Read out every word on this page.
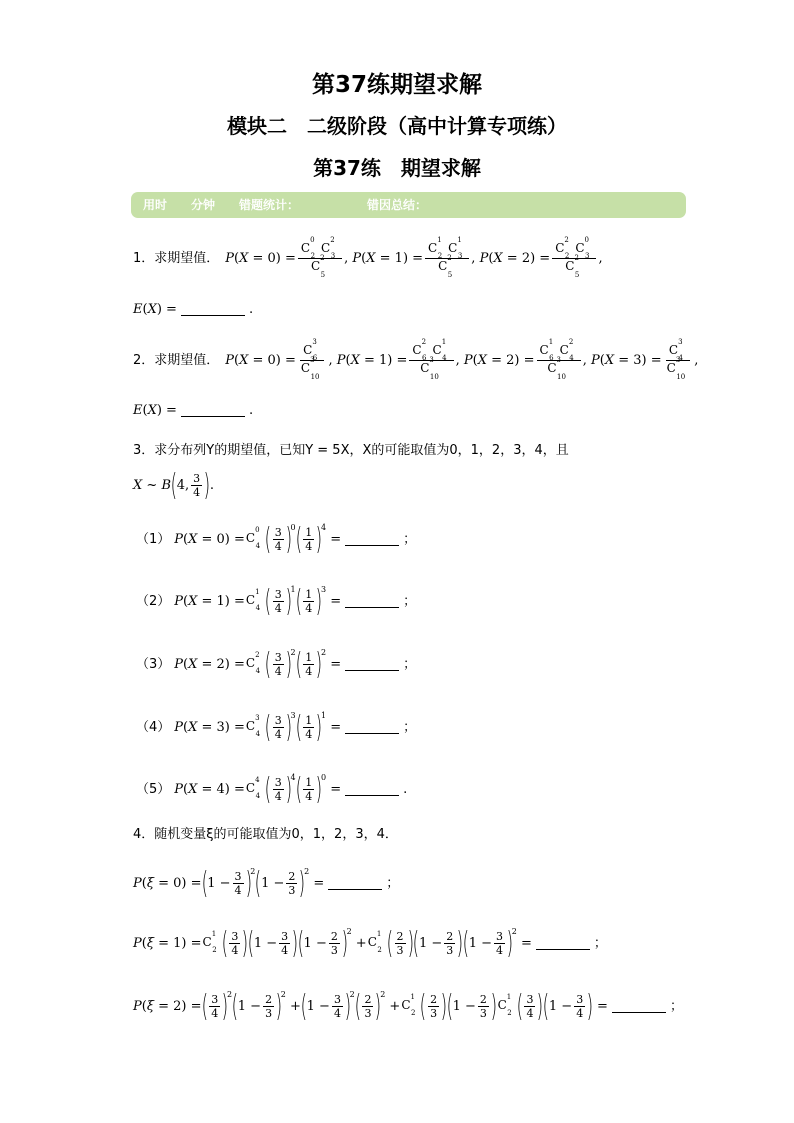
第37练期望求解
模块二　二级阶段（高中计算专项练）
第37练　期望求解
用时 分钟 错题统计：	错因总结：
1．求期望值． $P(X = 0) = \frac{C^0_2C^2_3}{C^2_5}$ , $P(X = 1) = \frac{C^1_2C^1_3}{C^2_5}$ , $P(X = 2) = \frac{C^2_2C^0_3}{C^2_5}$ ,
E ( X ) =	.
2．求期望值． $P(X = 0) = \frac{C^3_6}{C^3_{10}}$ , $P(X = 1) = \frac{C^2_6C^1_4}{C^3_{10}}$ , $P(X = 2) = \frac{C^1_6C^2_4}{C^3_{10}}$ , $P(X = 3) = \frac{C^3_4}{C^3_{10}}$ ,
E ( X ) =	.
3．求分布列Y的期望值，已知Y = 5X，X的可能取值为0，1，2，3，4，且
X ~ B ( 4, $\frac{3}{4}$ ) .
（1） $P(X = 0) = C^0_4$ ( $\frac{3}{4}$ )
0 ( $\frac{1}{4}$ )
4
=	；
（2） $P(X = 1) = C^1_4$ ( $\frac{3}{4}$ )
1 ( $\frac{1}{4}$ )
3
=	；
（3） $P(X = 2) = C^2_4$ ( $\frac{3}{4}$ )
2 ( $\frac{1}{4}$ )
2
=	；
（4） $P(X = 3) = C^3_4$ ( $\frac{3}{4}$ )
3 ( $\frac{1}{4}$ )
1
=	；
（5） $P(X = 4) = C^4_4$ ( $\frac{3}{4}$ )
4 ( $\frac{1}{4}$ )
0
=	.
4．随机变量ξ的可能取值为0，1，2，3，4．
P(ξ = 0) = ( $1 - \frac{3}{4}$ )
2 ( $1 - \frac{2}{3}$ )
2
=	；
$P(\xi = 1) = C^1_2$ ( $\frac{3}{4}$ ) ( $1 - \frac{3}{4}$ ) ( $1 - \frac{2}{3}$ )
2
+ $C^1_2$ ( $\frac{2}{3}$ ) ( $1 - \frac{2}{3}$ ) ( $1 - \frac{3}{4}$ )
2
=	；
P(ξ = 2) = ( $\frac{3}{4}$ )
2 ( $1 - \frac{2}{3}$ )
2
+ ( $1 - \frac{3}{4}$ )
2 ( $\frac{2}{3}$ )
2
+ $C^1_2$ ( $\frac{2}{3}$ ) ( $1 - \frac{2}{3}$ ) $C^1_2$ ( $\frac{3}{4}$ ) ( $1 - \frac{3}{4}$ ) =	；
